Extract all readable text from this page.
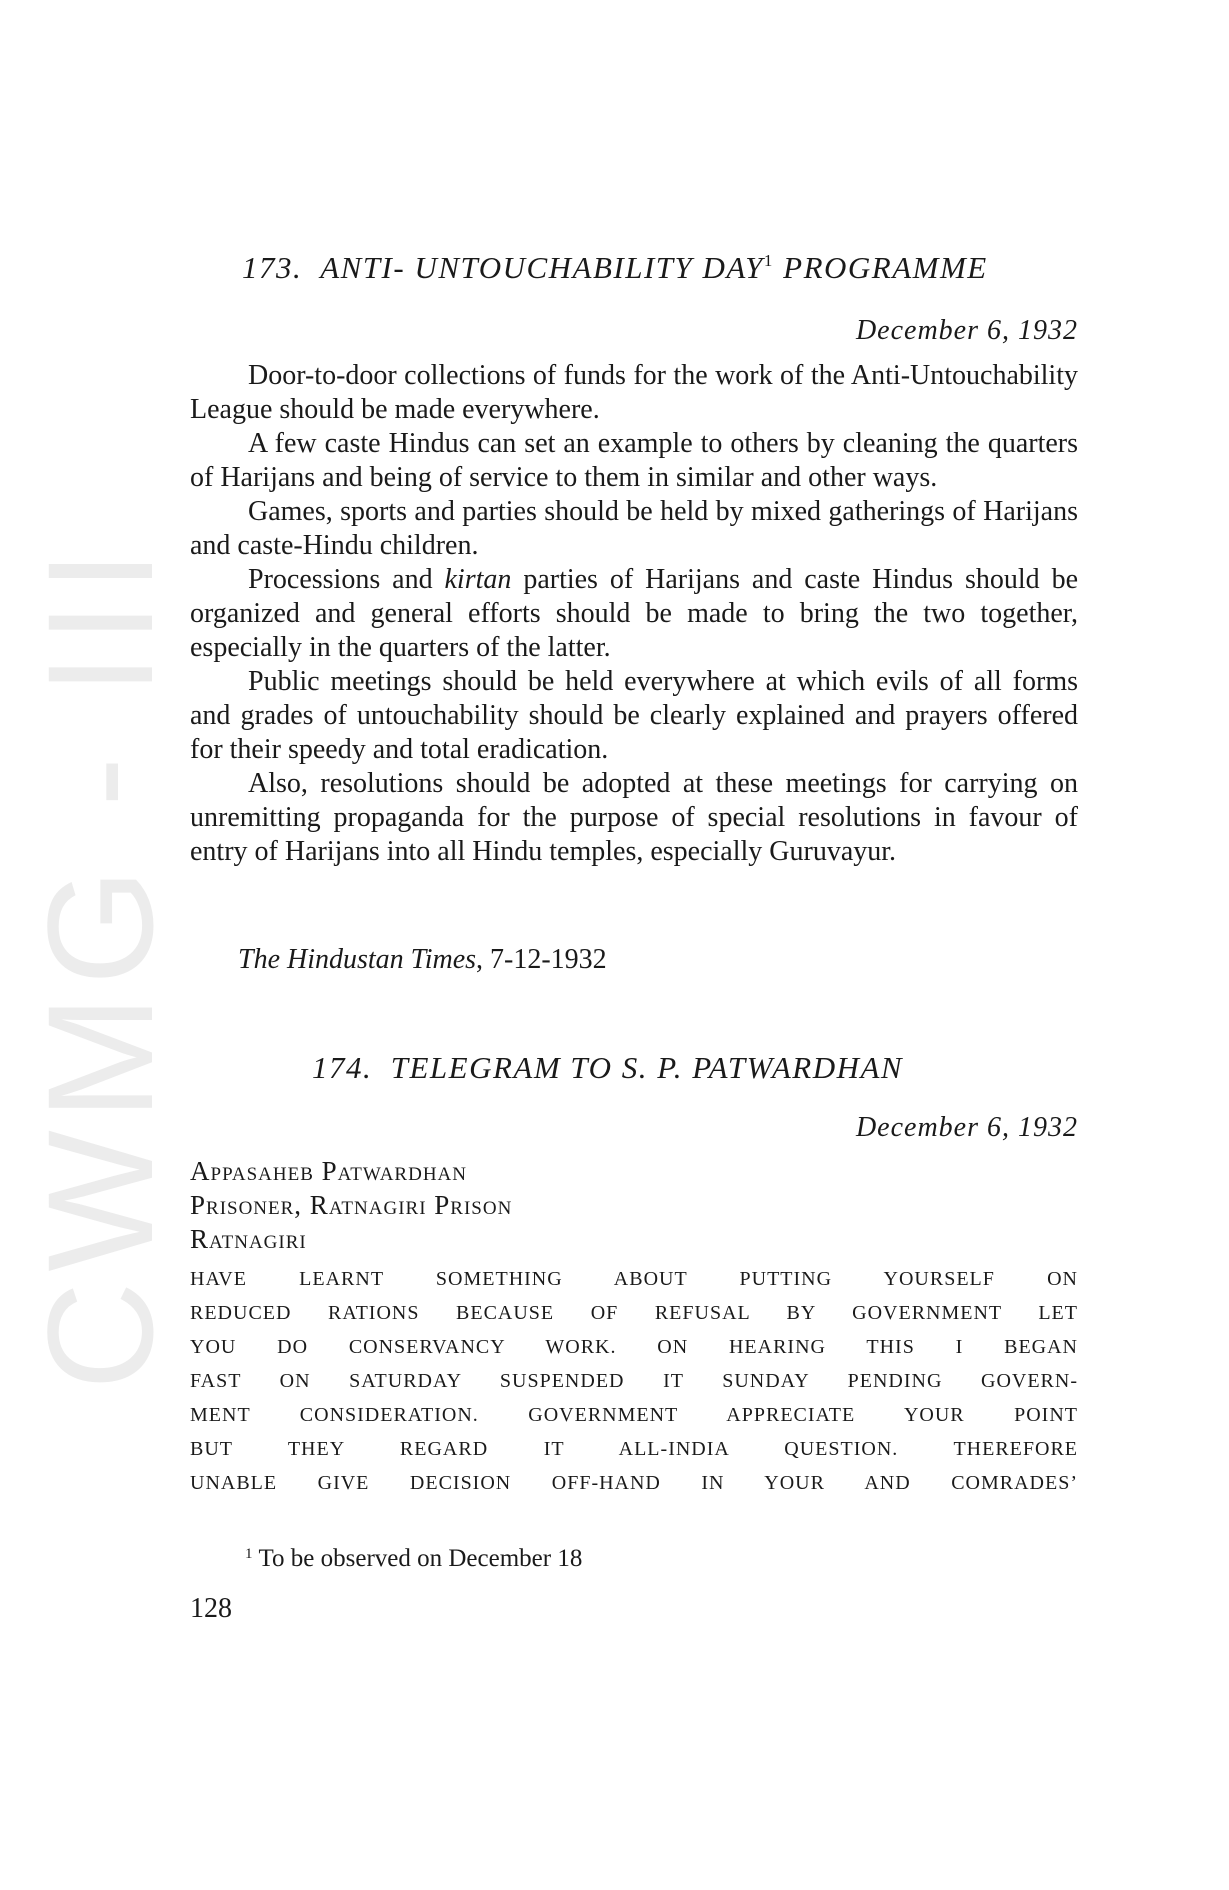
CWMG - III
173. ANTI- UNTOUCHABILITY DAY$^1$ PROGRAMME
December 6, 1932

Door-to-door collections of funds for the work of the Anti-Untouchability League should be made everywhere.

A few caste Hindus can set an example to others by cleaning the quarters of Harijans and being of service to them in similar and other ways.

Games, sports and parties should be held by mixed gatherings of Harijans and caste-Hindu children.

Processions and kirtan parties of Harijans and caste Hindus should be organized and general efforts should be made to bring the two together, especially in the quarters of the latter.

Public meetings should be held everywhere at which evils of all forms and grades of untouchability should be clearly explained and prayers offered for their speedy and total eradication.

Also, resolutions should be adopted at these meetings for carrying on unremitting propaganda for the purpose of special resolutions in favour of entry of Harijans into all Hindu temples, especially Guruvayur.

The Hindustan Times, 7-12-1932
174.  TELEGRAM TO S. P. PATWARDHAN
December 6, 1932
Appasaheb Patwardhan
Prisoner, Ratnagiri Prison
Ratnagiri
HAVE LEARNT SOMETHING ABOUT PUTTING YOURSELF ON
REDUCED RATIONS BECAUSE OF REFUSAL BY GOVERNMENT LET
YOU DO CONSERVANCY WORK. ON HEARING THIS I BEGAN
FAST ON SATURDAY SUSPENDED IT SUNDAY PENDING GOVERN-
MENT CONSIDERATION. GOVERNMENT APPRECIATE YOUR POINT
BUT THEY REGARD IT ALL-INDIA QUESTION. THEREFORE
UNABLE GIVE DECISION OFF-HAND IN YOUR AND COMRADES’
$^1$ To be observed on December 18
128
